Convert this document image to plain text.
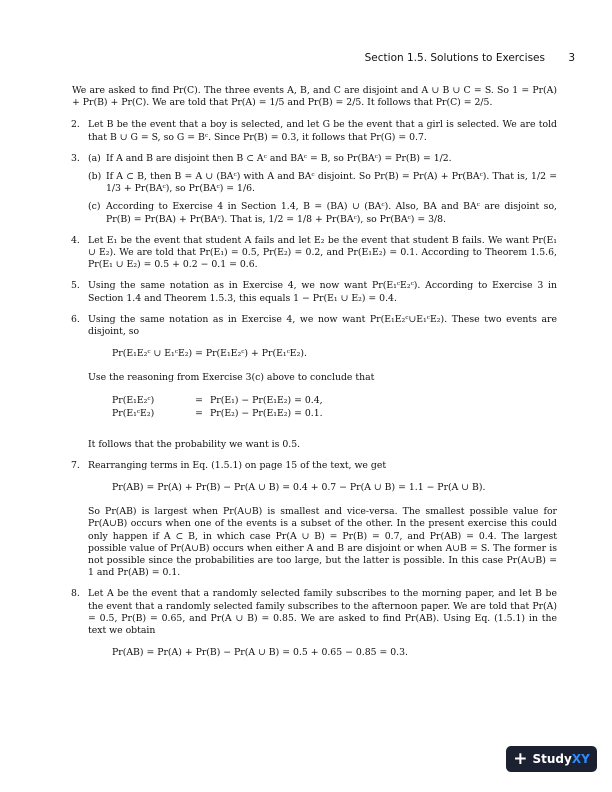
Section 1.5. Solutions to Exercises 3

We are asked to find Pr(C). The three events A, B, and C are disjoint and A ∪ B ∪ C = S. So 1 = Pr(A) + Pr(B) + Pr(C). We are told that Pr(A) = 1/5 and Pr(B) = 2/5. It follows that Pr(C) = 2/5.

2. Let B be the event that a boy is selected, and let G be the event that a girl is selected. We are told that B ∪ G = S, so G = Bᶜ. Since Pr(B) = 0.3, it follows that Pr(G) = 0.7.
3. (a) If A and B are disjoint then B ⊂ Aᶜ and BAᶜ = B, so Pr(BAᶜ) = Pr(B) = 1/2.
(b) If A ⊂ B, then B = A ∪ (BAᶜ) with A and BAᶜ disjoint. So Pr(B) = Pr(A) + Pr(BAᶜ). That is, 1/2 = 1/3 + Pr(BAᶜ), so Pr(BAᶜ) = 1/6.
(c) According to Exercise 4 in Section 1.4, B = (BA) ∪ (BAᶜ). Also, BA and BAᶜ are disjoint so, Pr(B) = Pr(BA) + Pr(BAᶜ). That is, 1/2 = 1/8 + Pr(BAᶜ), so Pr(BAᶜ) = 3/8.
4. Let E₁ be the event that student A fails and let E₂ be the event that student B fails. We want Pr(E₁ ∪ E₂). We are told that Pr(E₁) = 0.5, Pr(E₂) = 0.2, and Pr(E₁E₂) = 0.1. According to Theorem 1.5.6, Pr(E₁ ∪ E₂) = 0.5 + 0.2 − 0.1 = 0.6.
5. Using the same notation as in Exercise 4, we now want Pr(E₁ᶜE₂ᶜ). According to Exercise 3 in Section 1.4 and Theorem 1.5.3, this equals 1 − Pr(E₁ ∪ E₂) = 0.4.
6. Using the same notation as in Exercise 4, we now want Pr(E₁E₂ᶜ∪E₁ᶜE₂). These two events are disjoint, so
Pr(E₁E₂ᶜ ∪ E₁ᶜE₂) = Pr(E₁E₂ᶜ) + Pr(E₁ᶜE₂).
Use the reasoning from Exercise 3(c) above to conclude that
Pr(E₁E₂ᶜ)	= Pr(E₁) − Pr(E₁E₂) = 0.4,
Pr(E₁ᶜE₂)	= Pr(E₂) − Pr(E₁E₂) = 0.1.
It follows that the probability we want is 0.5.
7. Rearranging terms in Eq. (1.5.1) on page 15 of the text, we get
Pr(AB) = Pr(A) + Pr(B) − Pr(A ∪ B) = 0.4 + 0.7 − Pr(A ∪ B) = 1.1 − Pr(A ∪ B).
So Pr(AB) is largest when Pr(A∪B) is smallest and vice-versa. The smallest possible value for Pr(A∪B) occurs when one of the events is a subset of the other. In the present exercise this could only happen if A ⊂ B, in which case Pr(A ∪ B) = Pr(B) = 0.7, and Pr(AB) = 0.4. The largest possible value of Pr(A∪B) occurs when either A and B are disjoint or when A∪B = S. The former is not possible since the probabilities are too large, but the latter is possible. In this case Pr(A∪B) = 1 and Pr(AB) = 0.1.
8. Let A be the event that a randomly selected family subscribes to the morning paper, and let B be the event that a randomly selected family subscribes to the afternoon paper. We are told that Pr(A) = 0.5, Pr(B) = 0.65, and Pr(A ∪ B) = 0.85. We are asked to find Pr(AB). Using Eq. (1.5.1) in the text we obtain
Pr(AB) = Pr(A) + Pr(B) − Pr(A ∪ B) = 0.5 + 0.65 − 0.85 = 0.3.
+ Study XY
